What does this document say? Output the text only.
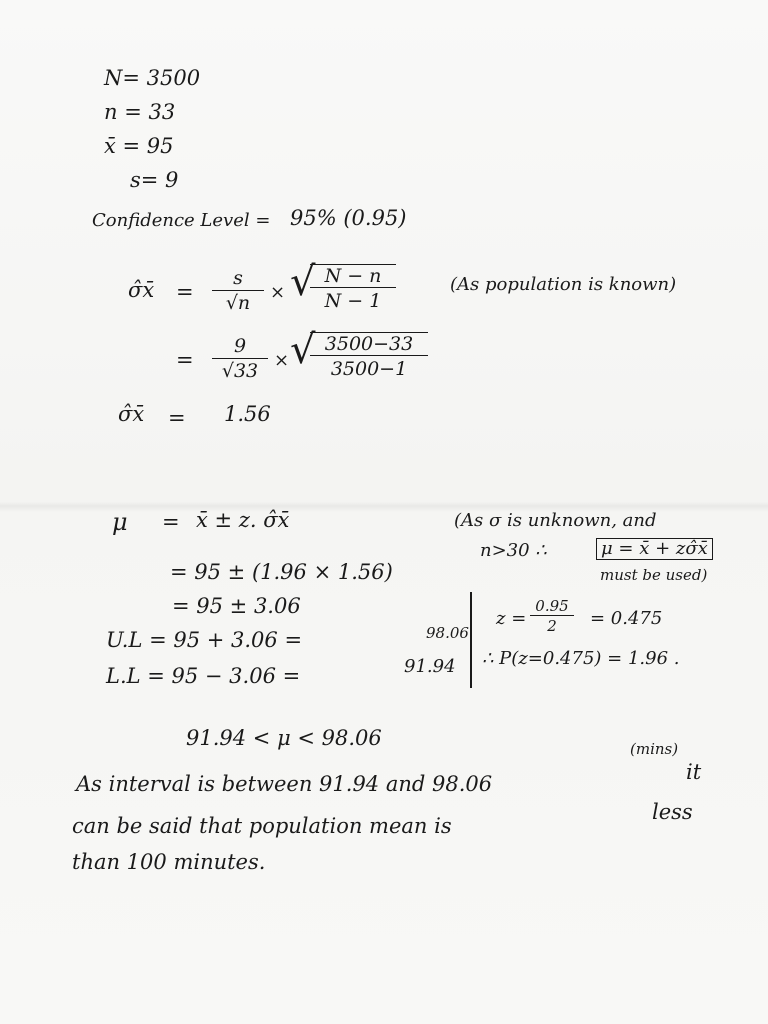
N= 3500
n = 33
x̄ = 95
s= 9
Confidence Level = 95% (0.95)
σ̂x̄ = $\frac{s}{√n}$ × √
$\frac{N - n}{N - 1}$	(As population is known)
= $\frac{9}{√33}$ × √
$\frac{3500-33}{3500-1}$
σ̂x̄ = 1.56
μ = x̄ ± z. σ̂x̄	(As σ is unknown, and
n>30 ∴	μ = x̄ + zσ̂x̄
must be used)
= 95 ± (1.96 × 1.56)
= 95 ± 3.06
U.L = 95 + 3.06 =
L.L = 95 − 3.06 =
98.06
91.94
$z = \frac{0.95}{2} = 0.475$
∴ P(z=0.475) = 1.96 .
91.94 < μ < 98.06	(mins)
it
As interval is between 91.94 and 98.06
less
can be said that population mean is
than 100 minutes.
